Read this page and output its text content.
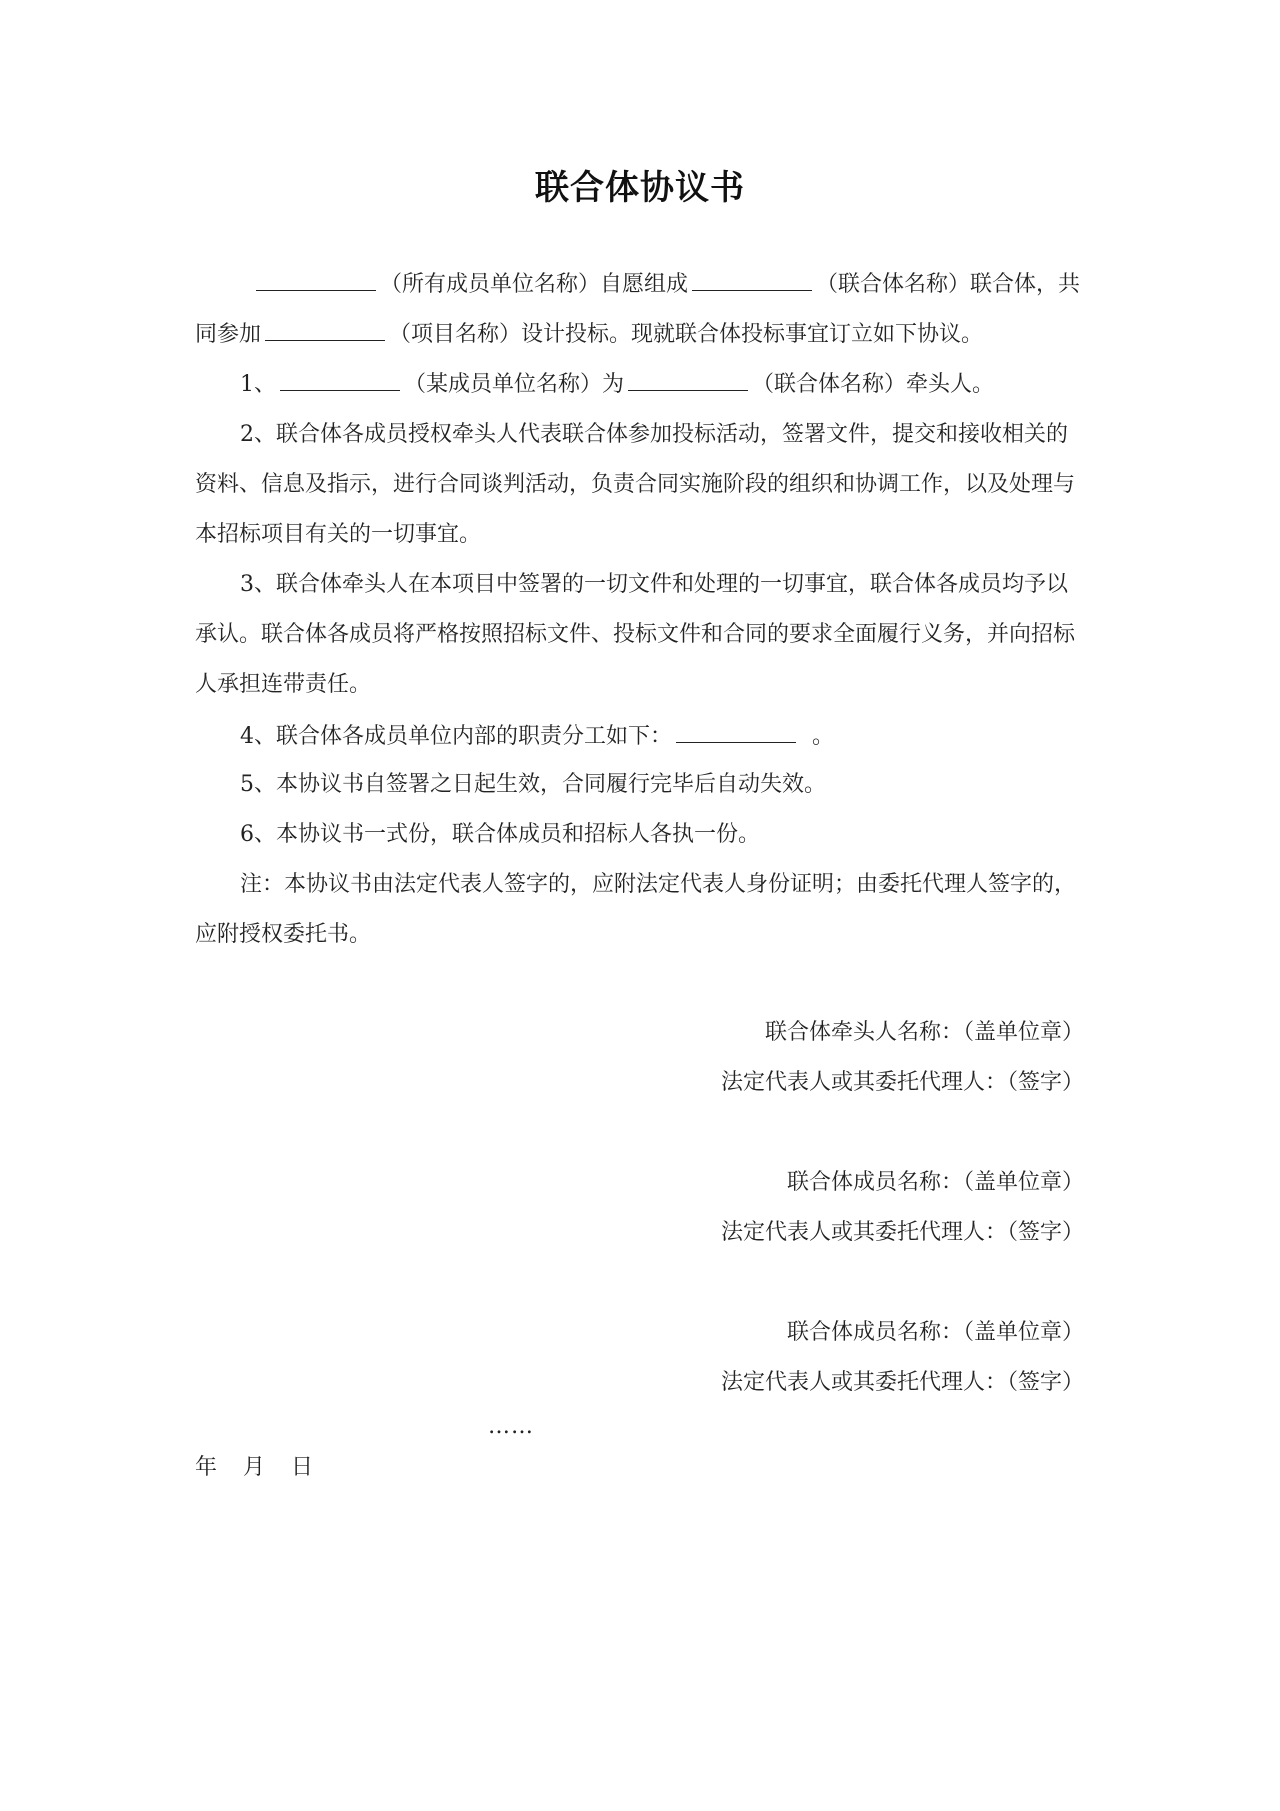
联合体协议书
（所有成员单位名称）自愿组成	（联合体名称）联合体，共
同参加	（项目名称）设计投标。现就联合体投标事宜订立如下协议。
1、	（某成员单位名称）为	（联合体名称）牵头人。
2、联合体各成员授权牵头人代表联合体参加投标活动，签署文件，提交和接收相关的
资料、信息及指示，进行合同谈判活动，负责合同实施阶段的组织和协调工作，以及处理与
本招标项目有关的一切事宜。
3、联合体牵头人在本项目中签署的一切文件和处理的一切事宜，联合体各成员均予以
承认。联合体各成员将严格按照招标文件、投标文件和合同的要求全面履行义务，并向招标
人承担连带责任。
4、联合体各成员单位内部的职责分工如下：	。
5、本协议书自签署之日起生效，合同履行完毕后自动失效。
6、本协议书一式份，联合体成员和招标人各执一份。
注：本协议书由法定代表人签字的，应附法定代表人身份证明；由委托代理人签字的，
应附授权委托书。
联合体牵头人名称：（盖单位章）
法定代表人或其委托代理人：（签字）
联合体成员名称：（盖单位章）
法定代表人或其委托代理人：（签字）
联合体成员名称：（盖单位章）
法定代表人或其委托代理人：（签字）
……
年 月 日
